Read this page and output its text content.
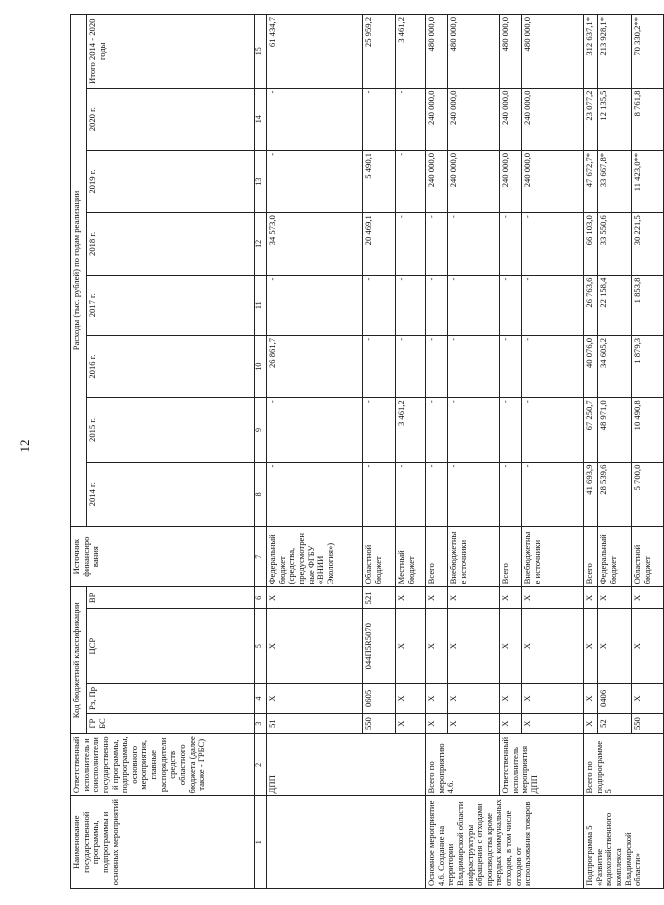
12
Наименование государственной программы, подпрограммы и основных мероприятий	Ответственный исполнитель и соисполнители государственной программы, подпрограммы, основного мероприятия, главные распорядители средств областного бюджета (далее также - ГРБС)	Код бюджетной классификации				Источник финансиро вания	Расходы (тыс. рублей) по годам реализации							
		ГР БС	Рз, Пр	ЦСР	ВР		2014 г.	2015 г.	2016 г.	2017 г.	2018 г.	2019 г.	2020 г.	Итого 2014 - 2020 годы

1	2	3	4	5	6	7	8	9	10	11	12	13	14	15
	ДПП	51	X	X	X	Федеральный бюджет (средства, предусмотренные ФГБУ «ВНИИ Экология»)	-	-	26 861,7	-	34 573,0	-	-	61 434,7
		550	0605	044П5R5070	521	Областной бюджет	-	-	-	-	20 469,1	5 490,1	-	25 959,2
		X	X	X	X	Местный бюджет	-	3 461,2	-	-	-	-	-	3 461,2
Основное мероприятие 4.6. Создание на территории Владимирской области инфраструктуры обращения с отходами производства кроме твердых коммунальных отходов, в том числе отходов от использования товаров	Всего по мероприятию 4.6.	X	X	X	X	Всего	-	-	-	-	-	240 000,0	240 000,0	480 000,0
		X	X	X	X	Внебюджетные источники	-	-	-	-	-	240 000,0	240 000,0	480 000,0
	Ответственный исполнитель мероприятия ДПП	X	X	X	X	Всего	-	-	-	-	-	240 000,0	240 000,0	480 000,0
		X	X	X	X	Внебюджетные источники	-	-	-	-	-	240 000,0	240 000,0	480 000,0
Подпрограмма 5 «Развитие водохозяйственного комплекса Владимирской области»	Всего по подпрограмме 5	X	X	X	X	Всего	41 693,9	67 250,7	40 076,0	26 763,6	66 103,0	47 672,7*	23 077,2	312 637,1*
		52	0406	X	X	Федеральный бюджет	28 539,6	48 971,0	34 605,2	22 158,4	33 550,6	33 667,8*	12 135,5	213 928,1*
		550	X	X	X	Областной бюджет	5 700,0	10 490,8	1 879,3	1 853,8	30 221,5	11 423,0**	8 761,8	70 330,2**
